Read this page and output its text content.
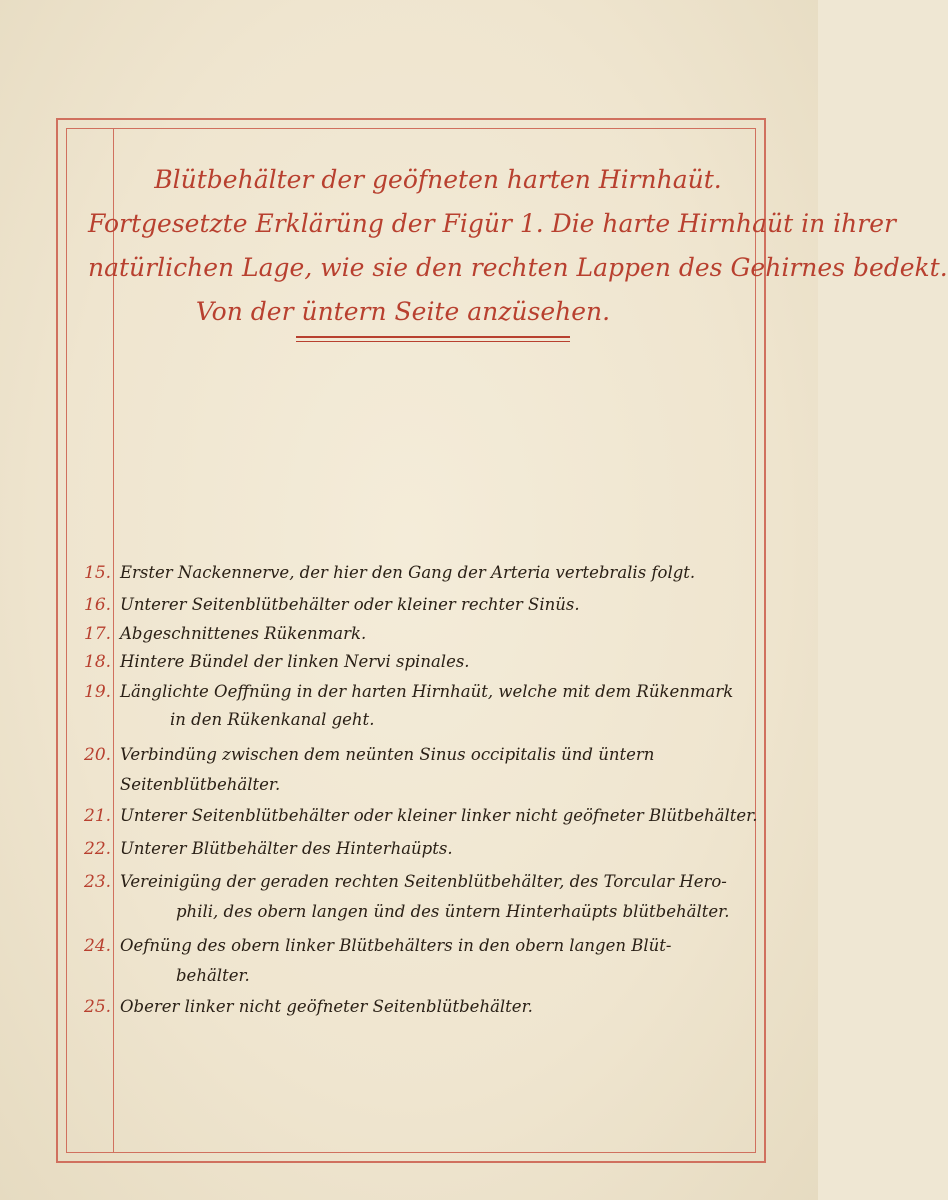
Blütbehälter der geöfneten harten Hirnhaüt.
Fortgesetzte Erklärüng der Figür 1. Die harte Hirnhaüt in ihrer
natürlichen Lage, wie sie den rechten Lappen des Gehirnes bedekt.
Von der üntern Seite anzüsehen.
15. Erster Nackennerve, der hier den Gang der Arteria vertebralis folgt.
16. Unterer Seitenblütbehälter oder kleiner rechter Sinüs.
17. Abgeschnittenes Rükenmark.
18. Hintere Bündel der linken Nervi spinales.
19. Länglichte Oeffnüng in der harten Hirnhaüt, welche mit dem Rükenmark
in den Rükenkanal geht.
20. Verbindüng zwischen dem neünten Sinus occipitalis ünd üntern
Seitenblütbehälter.
21. Unterer Seitenblütbehälter oder kleiner linker nicht geöfneter Blütbehälter.
22. Unterer Blütbehälter des Hinterhaüpts.
23. Vereinigüng der geraden rechten Seitenblütbehälter, des Torcular Hero-
phili, des obern langen ünd des üntern Hinterhaüpts blütbehälter.
24. Oefnüng des obern linker Blütbehälters in den obern langen Blüt-
behälter.
25. Oberer linker nicht geöfneter Seitenblütbehälter.
